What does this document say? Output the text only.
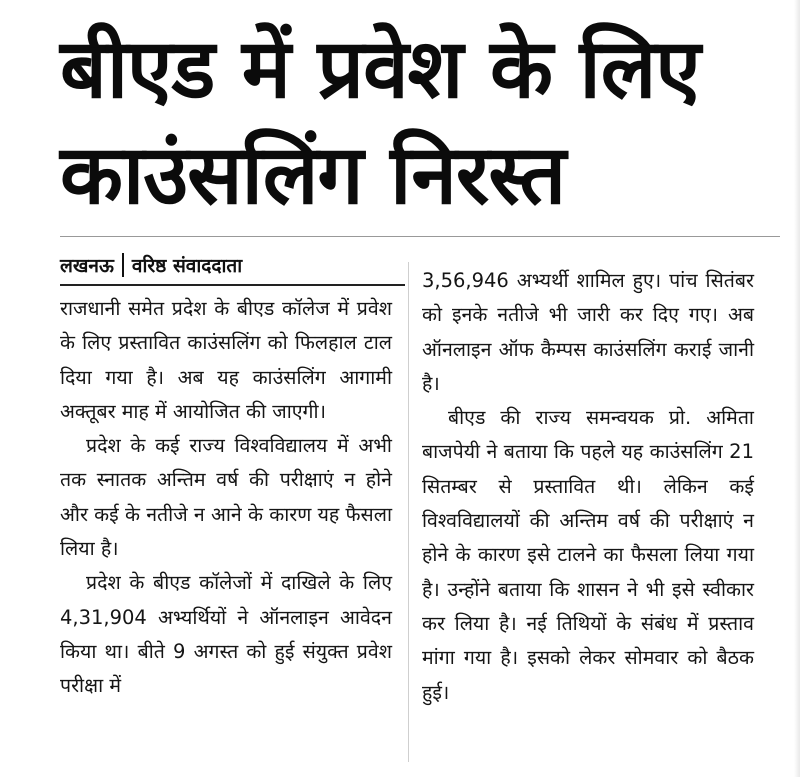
बीएड में प्रवेश के लिए
काउंसलिंग निरस्त
लखनऊ वरिष्ठ संवाददाता

राजधानी समेत प्रदेश के बीएड कॉलेज में प्रवेश के लिए प्रस्तावित काउंसलिंग को फिलहाल टाल दिया गया है। अब यह काउंसलिंग आगामी अक्तूबर माह में आयोजित की जाएगी।

प्रदेश के कई राज्य विश्वविद्यालय में अभी तक स्नातक अन्तिम वर्ष की परीक्षाएं न होने और कई के नतीजे न आने के कारण यह फैसला लिया है।

प्रदेश के बीएड कॉलेजों में दाखिले के लिए 4,31,904 अभ्यर्थियों ने ऑनलाइन आवेदन किया था। बीते 9 अगस्त को हुई संयुक्त प्रवेश परीक्षा में

3,56,946 अभ्यर्थी शामिल हुए। पांच सितंबर को इनके नतीजे भी जारी कर दिए गए। अब ऑनलाइन ऑफ कैम्पस काउंसलिंग कराई जानी है।

बीएड की राज्य समन्वयक प्रो. अमिता बाजपेयी ने बताया कि पहले यह काउंसलिंग 21 सितम्बर से प्रस्तावित थी। लेकिन कई विश्वविद्यालयों की अन्तिम वर्ष की परीक्षाएं न होने के कारण इसे टालने का फैसला लिया गया है। उन्होंने बताया कि शासन ने भी इसे स्वीकार कर लिया है। नई तिथियों के संबंध में प्रस्ताव मांगा गया है। इसको लेकर सोमवार को बैठक हुई।
